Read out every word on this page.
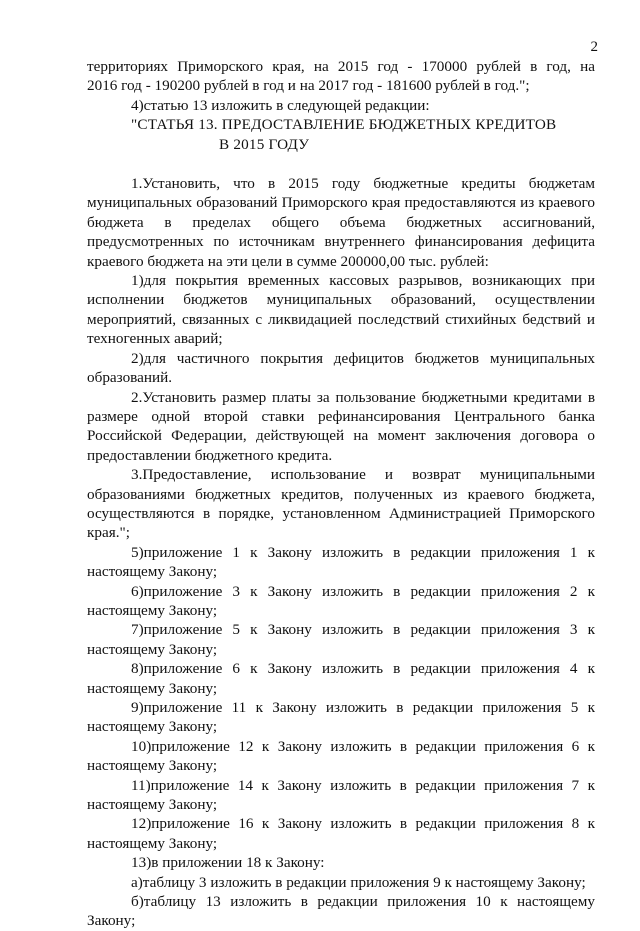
2
территориях Приморского края, на 2015 год - 170000 рублей в год, на
2016 год - 190200 рублей в год и на 2017 год - 181600 рублей в год.";

4)статью 13 изложить в следующей редакции:

"СТАТЬЯ 13. ПРЕДОСТАВЛЕНИЕ БЮДЖЕТНЫХ КРЕДИТОВ
В 2015 ГОДУ

1.Установить, что в 2015 году бюджетные кредиты бюджетам муниципальных образований Приморского края предоставляются из краевого бюджета в пределах общего объема бюджетных ассигнований, предусмотренных по источникам внутреннего финансирования дефицита краевого бюджета на эти цели в сумме 200000,00 тыс. рублей:

1)для покрытия временных кассовых разрывов, возникающих при исполнении бюджетов муниципальных образований, осуществлении мероприятий, связанных с ликвидацией последствий стихийных бедствий и техногенных аварий;

2)для частичного покрытия дефицитов бюджетов муниципальных образований.

2.Установить размер платы за пользование бюджетными кредитами в размере одной второй ставки рефинансирования Центрального банка Российской Федерации, действующей на момент заключения договора о предоставлении бюджетного кредита.

3.Предоставление, использование и возврат муниципальными образованиями бюджетных кредитов, полученных из краевого бюджета, осуществляются в порядке, установленном Администрацией Приморского края.";

5)приложение 1 к Закону изложить в редакции приложения 1 к настоящему Закону;

6)приложение 3 к Закону изложить в редакции приложения 2 к настоящему Закону;

7)приложение 5 к Закону изложить в редакции приложения 3 к настоящему Закону;

8)приложение 6 к Закону изложить в редакции приложения 4 к настоящему Закону;

9)приложение 11 к Закону изложить в редакции приложения 5 к настоящему Закону;

10)приложение 12 к Закону изложить в редакции приложения 6 к настоящему Закону;

11)приложение 14 к Закону изложить в редакции приложения 7 к настоящему Закону;

12)приложение 16 к Закону изложить в редакции приложения 8 к настоящему Закону;

13)в приложении 18 к Закону:

а)таблицу 3 изложить в редакции приложения 9 к настоящему Закону;

б)таблицу 13 изложить в редакции приложения 10 к настоящему Закону;
